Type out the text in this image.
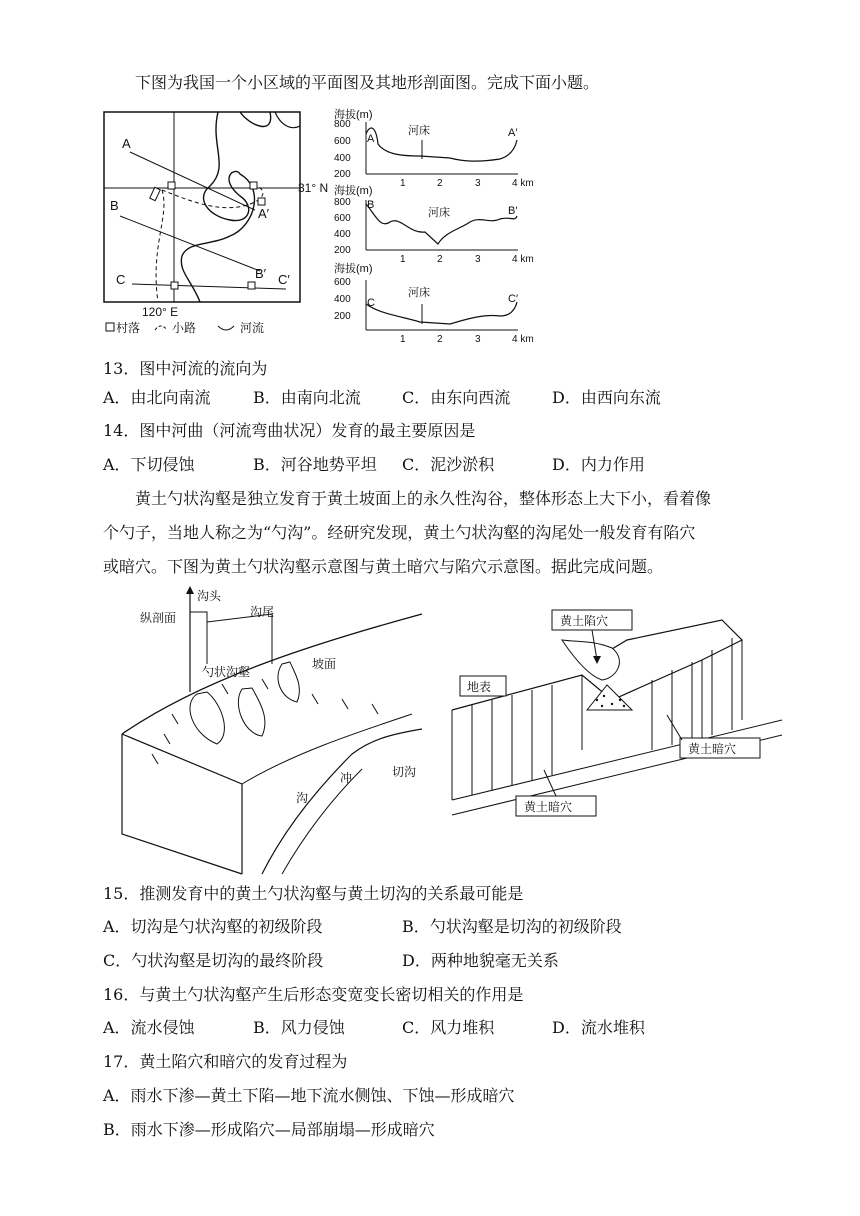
下图为我国一个小区域的平面图及其地形剖面图。完成下面小题。
A
A′
B
B′
C	C′
31° N
120° E
村落	小路	河流
海拔(m)
800
600
400
200
河床
A	A′
1	2	3	4 km
海拔(m)
800
600
400
200
河床
B	B′
1	2	3	4 km
海拔(m)
600
400
200
河床
C	C′
1	2	3	4 km
13．图中河流的流向为
A．由北向南流	B．由南向北流	C．由东向西流	D．由西向东流
14．图中河曲（河流弯曲状况）发育的最主要原因是
A．下切侵蚀	B．河谷地势平坦 C．泥沙淤积	D．内力作用
黄土勺状沟壑是独立发育于黄土坡面上的永久性沟谷，整体形态上大下小，看着像
个勺子，当地人称之为“勺沟”。经研究发现，黄土勺状沟壑的沟尾处一般发育有陷穴
或暗穴。下图为黄土勺状沟壑示意图与黄土暗穴与陷穴示意图。据此完成问题。
沟头
纵剖面	沟尾
勺状沟壑
坡面
冲
沟
切沟
黄土陷穴
地表
黄土暗穴
黄土暗穴
15．推测发育中的黄土勺状沟壑与黄土切沟的关系最可能是
A．切沟是勺状沟壑的初级阶段	B．勺状沟壑是切沟的初级阶段
C．勺状沟壑是切沟的最终阶段	D．两种地貌毫无关系
16．与黄土勺状沟壑产生后形态变宽变长密切相关的作用是
A．流水侵蚀	B．风力侵蚀	C．风力堆积	D．流水堆积
17．黄土陷穴和暗穴的发育过程为
A．雨水下渗—黄土下陷—地下流水侧蚀、下蚀—形成暗穴
B．雨水下渗—形成陷穴—局部崩塌—形成暗穴
